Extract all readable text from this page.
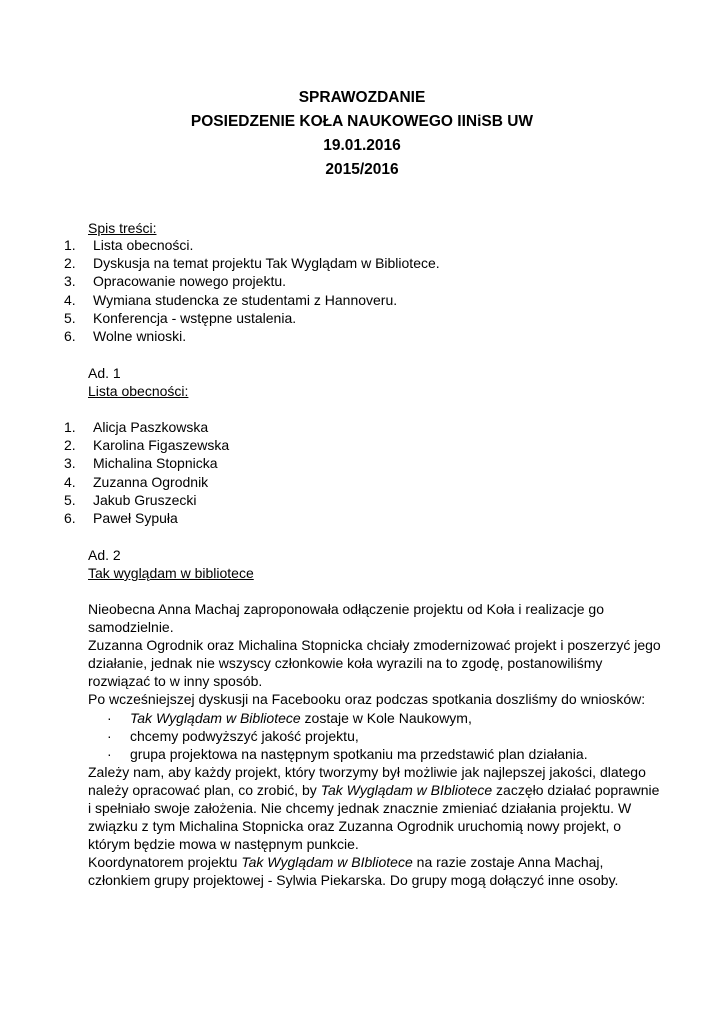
SPRAWOZDANIE
POSIEDZENIE KOŁA NAUKOWEGO IINiSB UW
19.01.2016
2015/2016
Spis treści:
1. Lista obecności.
2. Dyskusja na temat projektu Tak Wyglądam w Bibliotece.
3. Opracowanie nowego projektu.
4. Wymiana studencka ze studentami z Hannoveru.
5. Konferencja - wstępne ustalenia.
6. Wolne wnioski.
Ad. 1
Lista obecności:
1. Alicja Paszkowska
2. Karolina Figaszewska
3. Michalina Stopnicka
4. Zuzanna Ogrodnik
5. Jakub Gruszecki
6. Paweł Sypuła
Ad. 2
Tak wyglądam w bibliotece
Nieobecna Anna Machaj zaproponowała odłączenie projektu od Koła i realizacje go
samodzielnie.
Zuzanna Ogrodnik oraz Michalina Stopnicka chciały zmodernizować projekt i poszerzyć jego
działanie, jednak nie wszyscy członkowie koła wyrazili na to zgodę, postanowiliśmy
rozwiązać to w inny sposób.
Po wcześniejszej dyskusji na Facebooku oraz podczas spotkania doszliśmy do wniosków:
· Tak Wyglądam w Bibliotece zostaje w Kole Naukowym,
· chcemy podwyższyć jakość projektu,
· grupa projektowa na następnym spotkaniu ma przedstawić plan działania.
Zależy nam, aby każdy projekt, który tworzymy był możliwie jak najlepszej jakości, dlatego
należy opracować plan, co zrobić, by Tak Wyglądam w BIbliotece zaczęło działać poprawnie
i spełniało swoje założenia. Nie chcemy jednak znacznie zmieniać działania projektu. W
związku z tym Michalina Stopnicka oraz Zuzanna Ogrodnik uruchomią nowy projekt, o
którym będzie mowa w następnym punkcie.
Koordynatorem projektu Tak Wyglądam w BIbliotece na razie zostaje Anna Machaj,
członkiem grupy projektowej - Sylwia Piekarska. Do grupy mogą dołączyć inne osoby.
